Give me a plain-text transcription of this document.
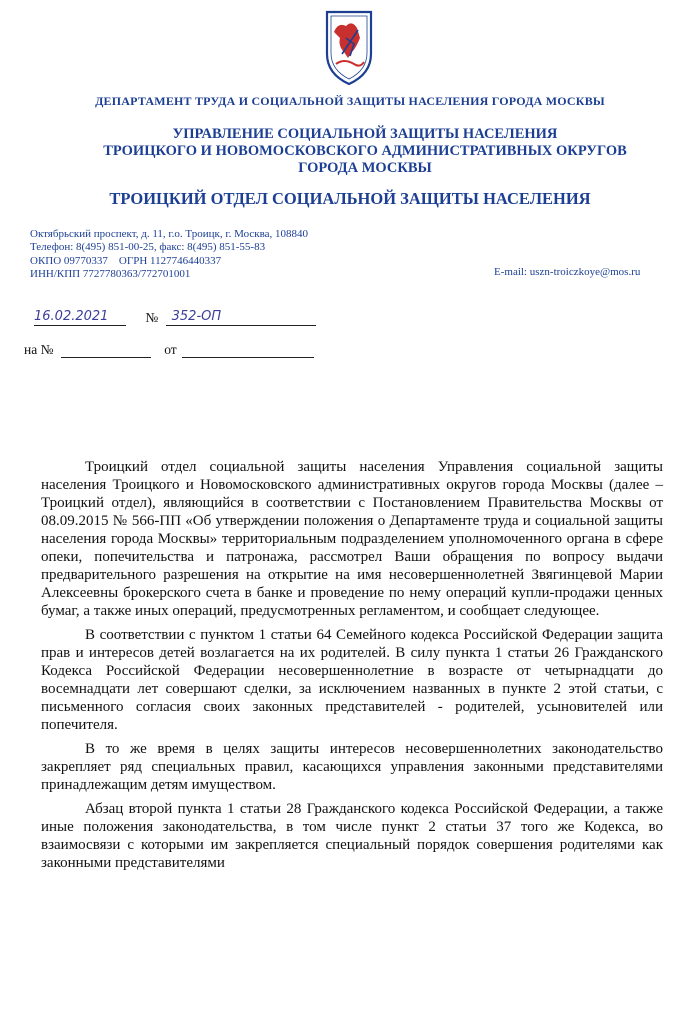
ДЕПАРТАМЕНТ ТРУДА И СОЦИАЛЬНОЙ ЗАЩИТЫ НАСЕЛЕНИЯ ГОРОДА МОСКВЫ
УПРАВЛЕНИЕ СОЦИАЛЬНОЙ ЗАЩИТЫ НАСЕЛЕНИЯ
ТРОИЦКОГО И НОВОМОСКОВСКОГО АДМИНИСТРАТИВНЫХ ОКРУГОВ
ГОРОДА МОСКВЫ
ТРОИЦКИЙ ОТДЕЛ СОЦИАЛЬНОЙ ЗАЩИТЫ НАСЕЛЕНИЯ
Октябрьский проспект, д. 11, г.о. Троицк, г. Москва, 108840
Телефон: 8(495) 851-00-25, факс: 8(495) 851-55-83
ОКПО 09770337    ОГРН 1127746440337
ИНН/КПП 7727780363/772701001	E-mail: uszn-troiczkoye@mos.ru
16.02.2021	№ 352-ОП
на №	от

Троицкий отдел социальной защиты населения Управления социальной защиты населения Троицкого и Новомосковского административных округов города Москвы (далее – Троицкий отдел), являющийся в соответствии с Постановлением Правительства Москвы от 08.09.2015 № 566-ПП «Об утверждении положения о Департаменте труда и социальной защиты населения города Москвы» территориальным подразделением уполномоченного органа в сфере опеки, попечительства и патронажа, рассмотрел Ваши обращения по вопросу выдачи предварительного разрешения на открытие на имя несовершеннолетней Звягинцевой Марии Алексеевны брокерского счета в банке и проведение по нему операций купли-продажи ценных бумаг, а также иных операций, предусмотренных регламентом, и сообщает следующее.

В соответствии с пунктом 1 статьи 64 Семейного кодекса Российской Федерации защита прав и интересов детей возлагается на их родителей. В силу пункта 1 статьи 26 Гражданского Кодекса Российской Федерации несовершеннолетние в возрасте от четырнадцати до восемнадцати лет совершают сделки, за исключением названных в пункте 2 этой статьи, с письменного согласия своих законных представителей - родителей, усыновителей или попечителя.

В то же время в целях защиты интересов несовершеннолетних законодательство закрепляет ряд специальных правил, касающихся управления законными представителями принадлежащим детям имуществом.

Абзац второй пункта 1 статьи 28 Гражданского кодекса Российской Федерации, а также иные положения законодательства, в том числе пункт 2 статьи 37 того же Кодекса, во взаимосвязи с которыми им закрепляется специальный порядок совершения родителями как законными представителями
